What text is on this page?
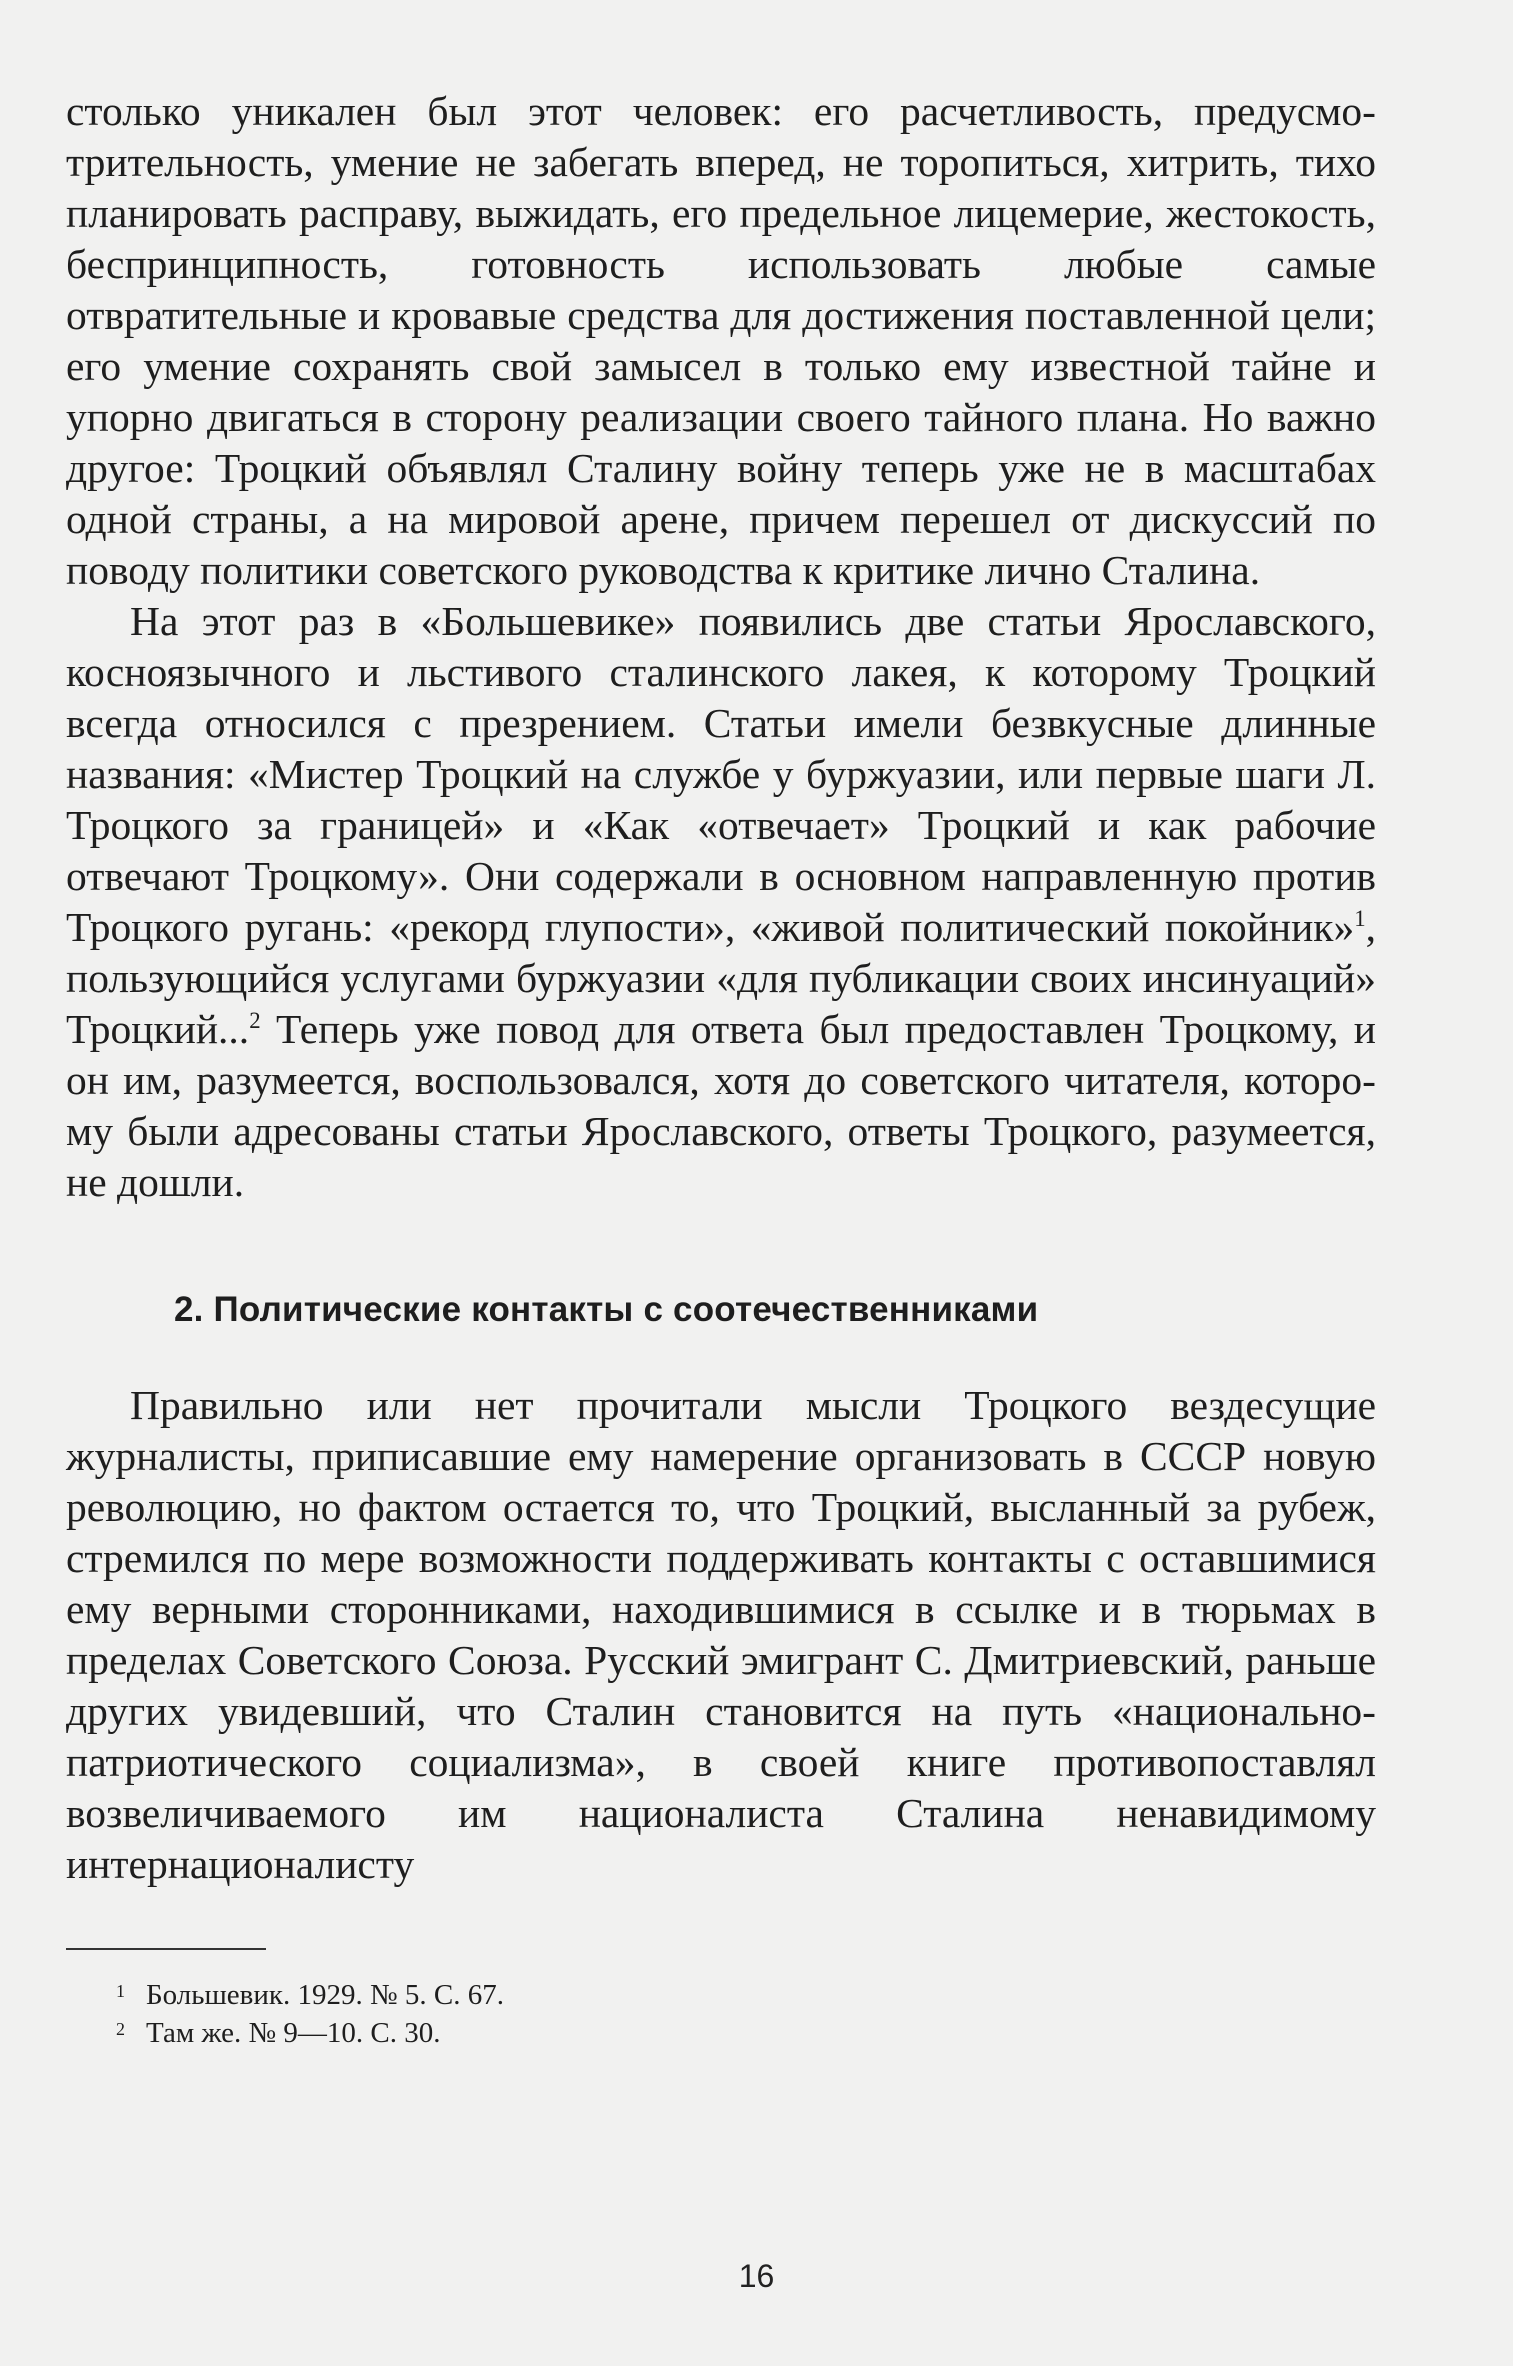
столько уникален был этот человек: его расчетливость, предусмотрительность, умение не забегать вперед, не торопиться, хитрить, тихо планировать расправу, выжидать, его предельное лицемерие, жестокость, беспринципность, готовность использовать любые самые отвратительные и кровавые средства для достижения поставленной цели; его умение сохранять свой замысел в только ему известной тайне и упорно двигаться в сторону реализации своего тайного плана. Но важно другое: Троцкий объявлял Сталину войну теперь уже не в масштабах одной страны, а на мировой арене, причем перешел от дискуссий по поводу политики советского руководства к критике лично Сталина.

На этот раз в «Большевике» появились две статьи Ярославского, косноязычного и льстивого сталинского лакея, к которому Троцкий всегда относился с презрением. Статьи имели безвкусные длинные названия: «Мистер Троцкий на службе у буржуазии, или первые шаги Л. Троцкого за границей» и «Как «отвечает» Троцкий и как рабочие отвечают Троцкому». Они содержали в основном направленную против Троцкого ругань: «рекорд глупости», «живой политический покойник»$^1$, пользующийся услугами буржуазии «для публикации своих инсинуаций» Троцкий...$^2$ Теперь уже повод для ответа был предоставлен Троцкому, и он им, разумеется, воспользовался, хотя до советского читателя, которому были адресованы статьи Ярославского, ответы Троцкого, разумеется, не дошли.

2. Политические контакты с соотечественниками

Правильно или нет прочитали мысли Троцкого вездесущие журналисты, приписавшие ему намерение организовать в СССР новую революцию, но фактом остается то, что Троцкий, высланный за рубеж, стремился по мере возможности поддерживать контакты с оставшимися ему верными сторонниками, находившимися в ссылке и в тюрьмах в пределах Советского Союза. Русский эмигрант С. Дмитриевский, раньше других увидевший, что Сталин становится на путь «национально-патриотического социализма», в своей книге противопоставлял возвеличиваемого им националиста Сталина ненавидимому интернационалисту

1 Большевик. 1929. № 5. С. 67.
2 Там же. № 9—10. С. 30.
16
